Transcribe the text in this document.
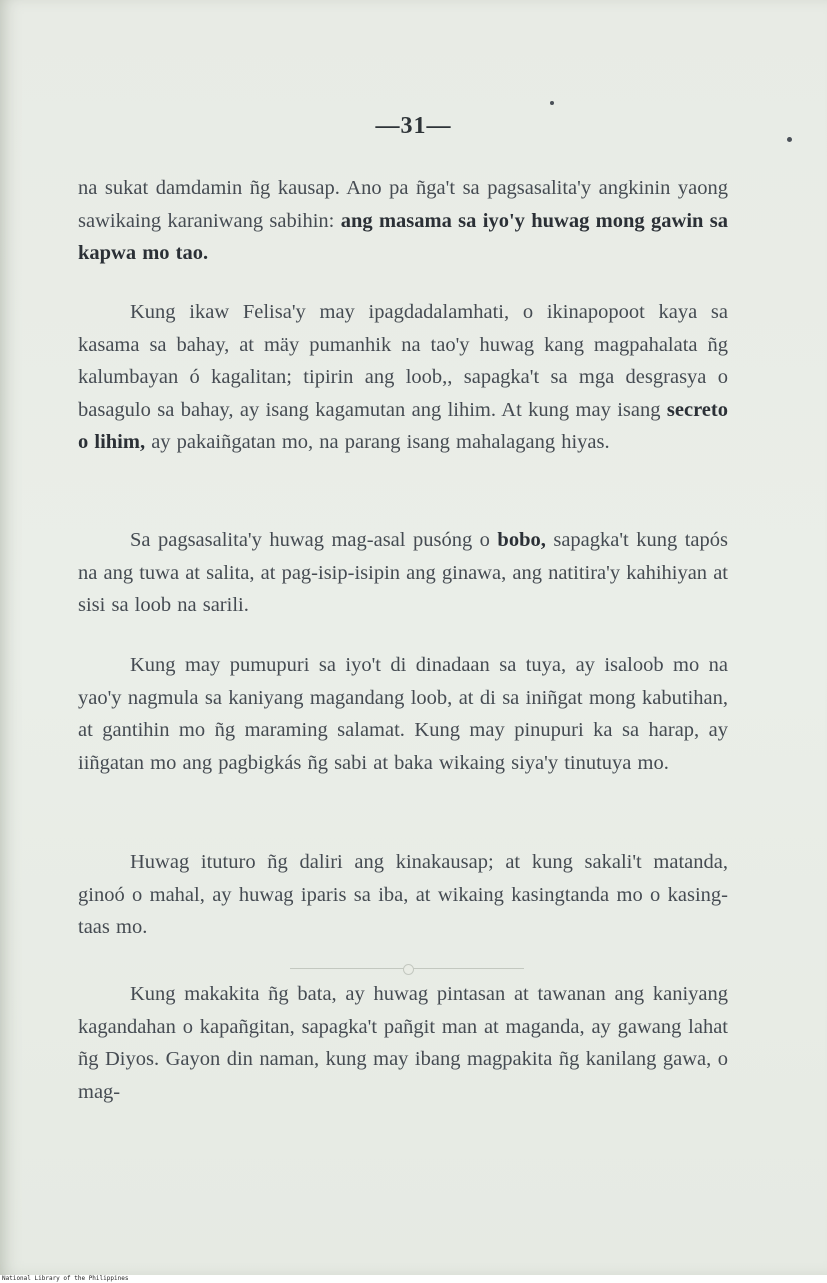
—31—

na sukat damdamin ñg kausap. Ano pa ñga't sa pagsasalita'y angkinin yaong sawikaing karaniwang sabihin: ang masama sa iyo'y huwag mong gawin sa kapwa mo tao.

Kung ikaw Felisa'y may ipagdadalamhati, o ikinapopoot kaya sa kasama sa bahay, at mäy pumanhik na tao'y huwag kang magpahalata ñg kalumbayan ó kagalitan; tipirin ang loob,, sapagka't sa mga desgrasya o basagulo sa bahay, ay isang kagamutan ang lihim. At kung may isang secreto o lihim, ay pakaiñgatan mo, na parang isang mahalagang hiyas.

Sa pagsasalita'y huwag mag-asal pusóng o bobo, sapagka't kung tapós na ang tuwa at salita, at pag-isip-isipin ang ginawa, ang natitira'y kahihiyan at sisi sa loob na sarili.

Kung may pumupuri sa iyo't di dinadaan sa tuya, ay isaloob mo na yao'y nagmula sa kaniyang magandang loob, at di sa iniñgat mong kabutihan, at gantihin mo ñg maraming salamat. Kung may pinupuri ka sa harap, ay iiñgatan mo ang pagbigkás ñg sabi at baka wikaing siya'y tinutuya mo.

Huwag ituturo ñg daliri ang kinakausap; at kung sakali't matanda, ginoó o mahal, ay huwag iparis sa iba, at wikaing kasingtanda mo o kasing-taas mo.

Kung makakita ñg bata, ay huwag pintasan at tawanan ang kaniyang kagandahan o kapañgitan, sapagka't pañgit man at maganda, ay gawang lahat ñg Diyos. Gayon din naman, kung may ibang magpakita ñg kanilang gawa, o mag-

National Library of the Philippines
